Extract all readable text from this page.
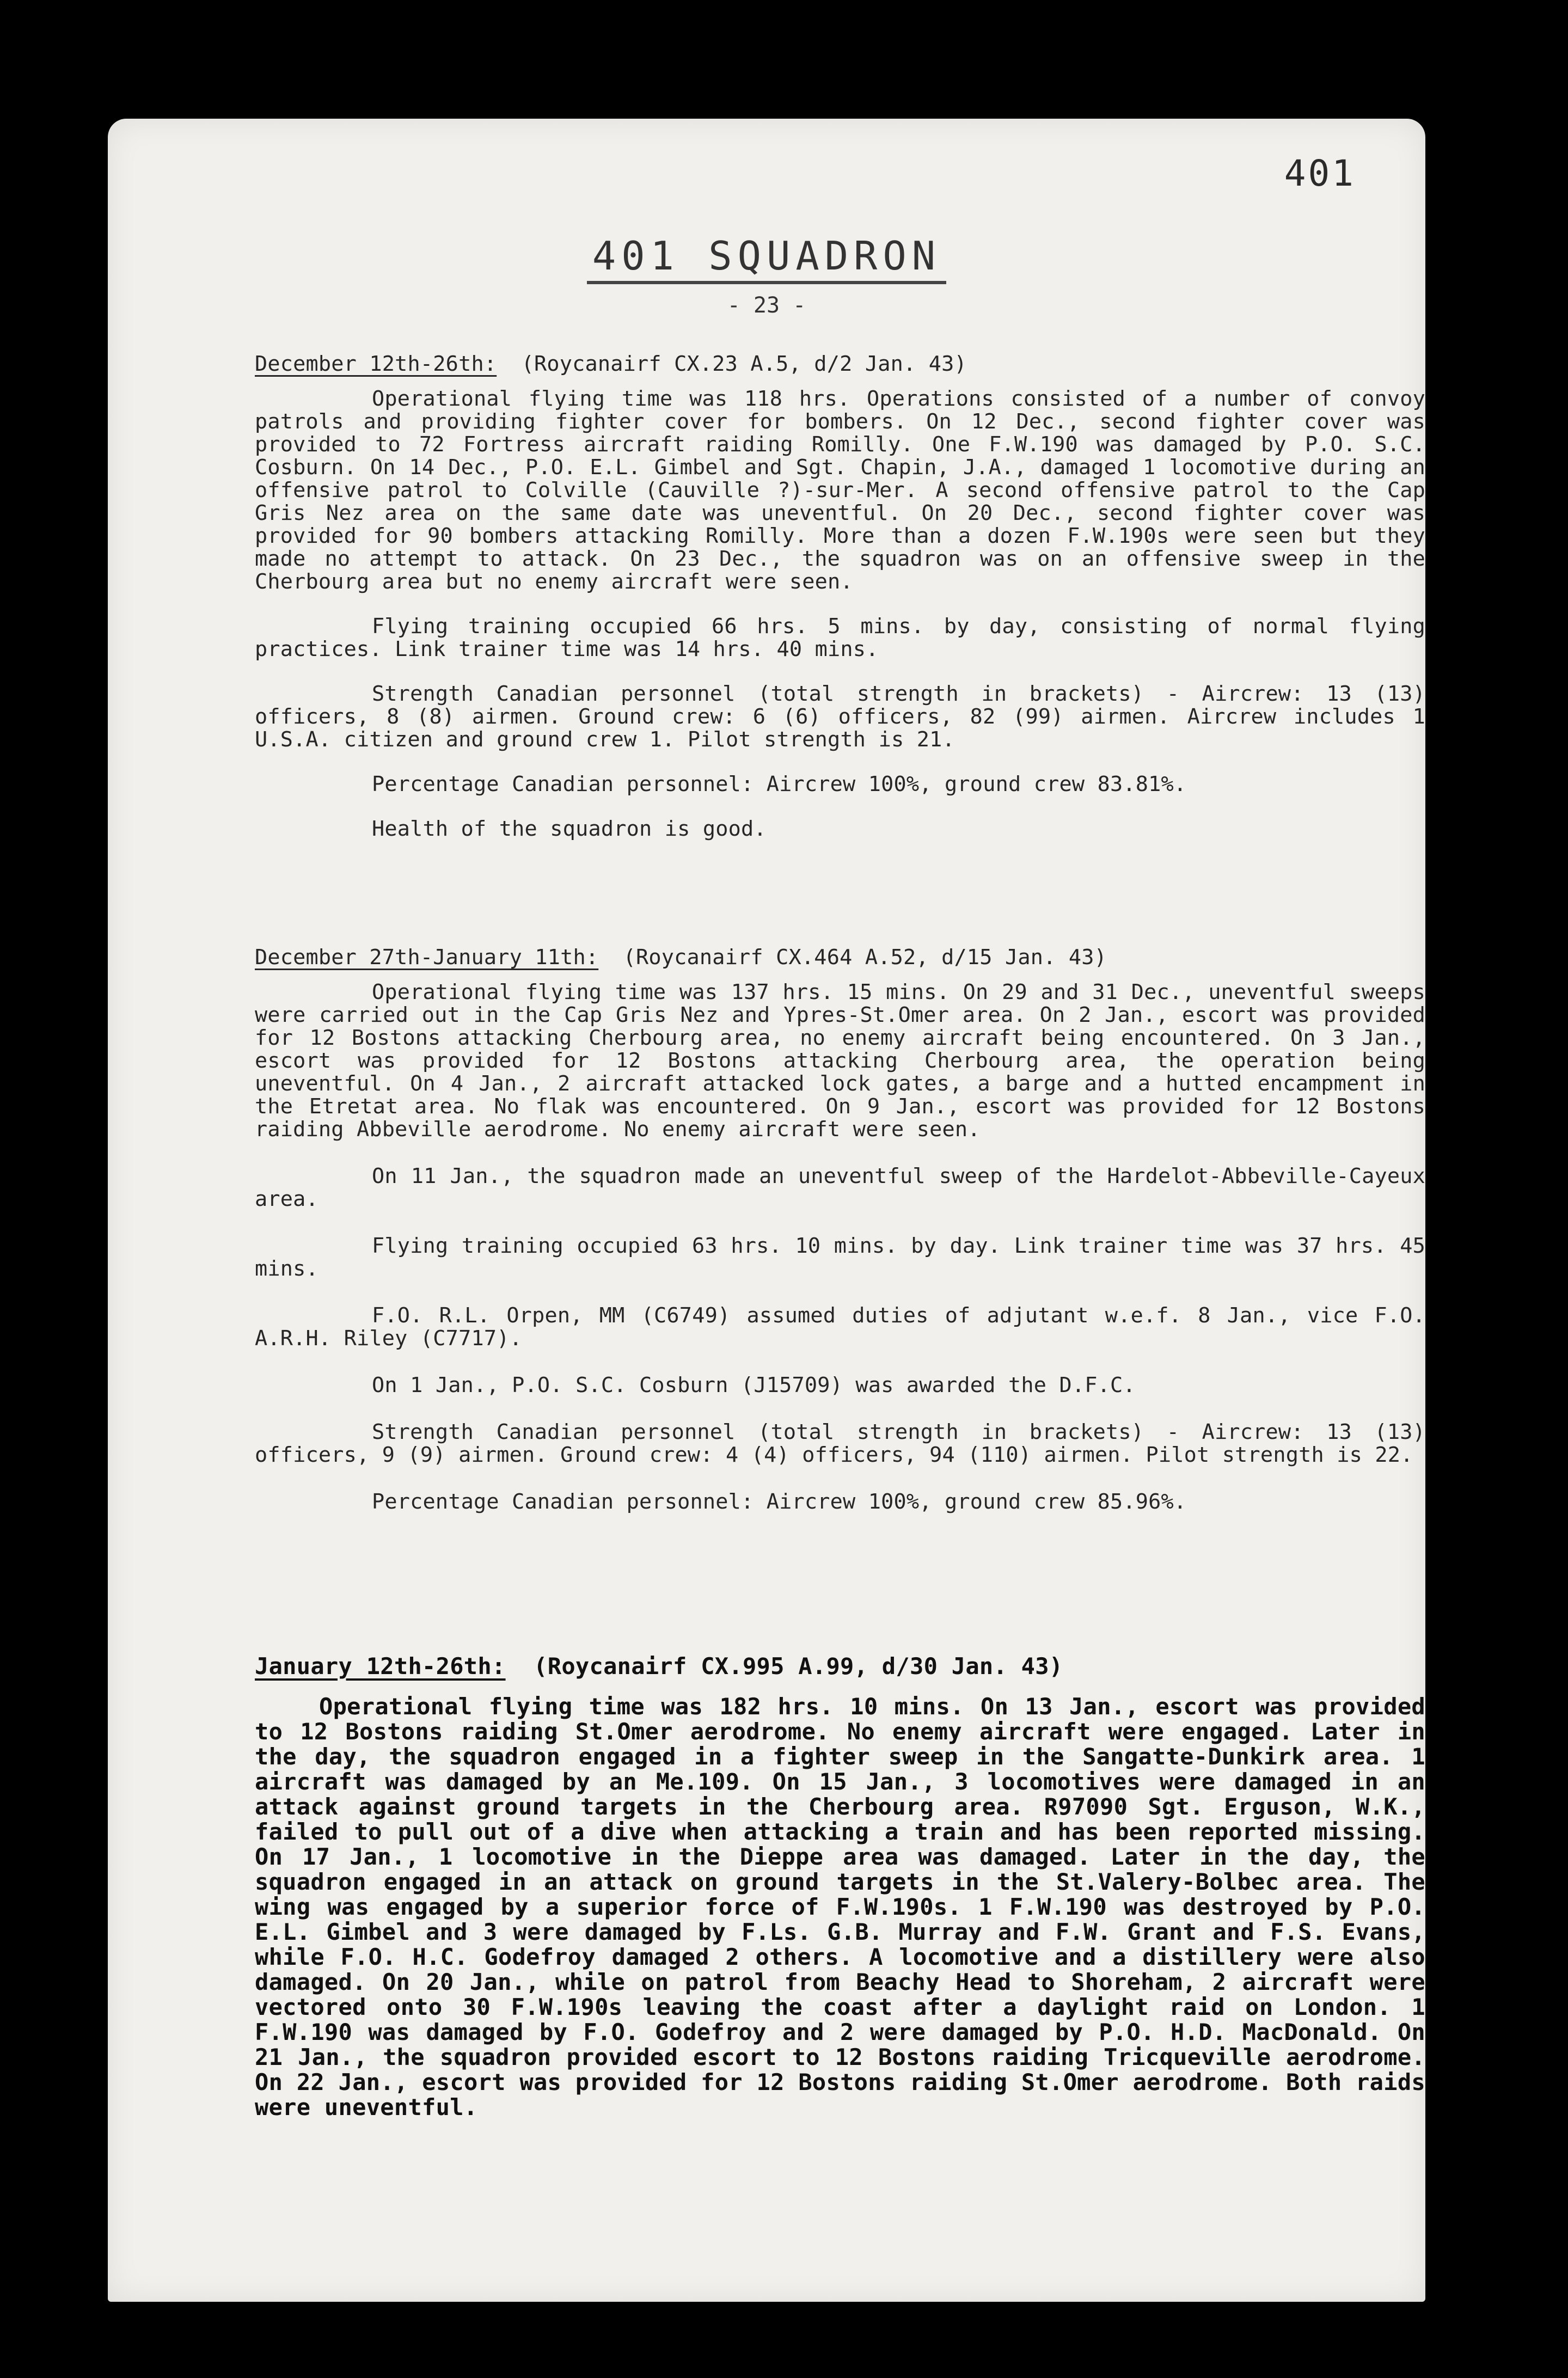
401
401 SQUADRON
- 23 -
December 12th-26th: (Roycanairf CX.23 A.5, d/2 Jan. 43)

Operational flying time was 118 hrs. Operations consisted of a number of convoy patrols and providing fighter cover for bombers. On 12 Dec., second fighter cover was provided to 72 Fortress aircraft raiding Romilly. One F.W.190 was damaged by P.O. S.C. Cosburn. On 14 Dec., P.O. E.L. Gimbel and Sgt. Chapin, J.A., damaged 1 locomotive during an offensive patrol to Colville (Cauville ?)-sur-Mer. A second offensive patrol to the Cap Gris Nez area on the same date was uneventful. On 20 Dec., second fighter cover was provided for 90 bombers attacking Romilly. More than a dozen F.W.190s were seen but they made no attempt to attack. On 23 Dec., the squadron was on an offensive sweep in the Cherbourg area but no enemy aircraft were seen.

Flying training occupied 66 hrs. 5 mins. by day, consisting of normal flying practices. Link trainer time was 14 hrs. 40 mins.

Strength Canadian personnel (total strength in brackets) - Aircrew: 13 (13) officers, 8 (8) airmen. Ground crew: 6 (6) officers, 82 (99) airmen. Aircrew includes 1 U.S.A. citizen and ground crew 1. Pilot strength is 21.

Percentage Canadian personnel: Aircrew 100%, ground crew 83.81%.

Health of the squadron is good.

December 27th-January 11th: (Roycanairf CX.464 A.52, d/15 Jan. 43)

Operational flying time was 137 hrs. 15 mins. On 29 and 31 Dec., uneventful sweeps were carried out in the Cap Gris Nez and Ypres-St.Omer area. On 2 Jan., escort was provided for 12 Bostons attacking Cherbourg area, no enemy aircraft being encountered. On 3 Jan., escort was provided for 12 Bostons attacking Cherbourg area, the operation being uneventful. On 4 Jan., 2 aircraft attacked lock gates, a barge and a hutted encampment in the Etretat area. No flak was encountered. On 9 Jan., escort was provided for 12 Bostons raiding Abbeville aerodrome. No enemy aircraft were seen.

On 11 Jan., the squadron made an uneventful sweep of the Hardelot-Abbeville-Cayeux area.

Flying training occupied 63 hrs. 10 mins. by day. Link trainer time was 37 hrs. 45 mins.

F.O. R.L. Orpen, MM (C6749) assumed duties of adjutant w.e.f. 8 Jan., vice F.O. A.R.H. Riley (C7717).

On 1 Jan., P.O. S.C. Cosburn (J15709) was awarded the D.F.C.

Strength Canadian personnel (total strength in brackets) - Aircrew: 13 (13) officers, 9 (9) airmen. Ground crew: 4 (4) officers, 94 (110) airmen. Pilot strength is 22.

Percentage Canadian personnel: Aircrew 100%, ground crew 85.96%.

January 12th-26th: (Roycanairf CX.995 A.99, d/30 Jan. 43)

Operational flying time was 182 hrs. 10 mins. On 13 Jan., escort was provided to 12 Bostons raiding St.Omer aerodrome. No enemy aircraft were engaged. Later in the day, the squadron engaged in a fighter sweep in the Sangatte-Dunkirk area. 1 aircraft was damaged by an Me.109. On 15 Jan., 3 locomotives were damaged in an attack against ground targets in the Cherbourg area. R97090 Sgt. Erguson, W.K., failed to pull out of a dive when attacking a train and has been reported missing. On 17 Jan., 1 locomotive in the Dieppe area was damaged. Later in the day, the squadron engaged in an attack on ground targets in the St.Valery-Bolbec area. The wing was engaged by a superior force of F.W.190s. 1 F.W.190 was destroyed by P.O. E.L. Gimbel and 3 were damaged by F.Ls. G.B. Murray and F.W. Grant and F.S. Evans, while F.O. H.C. Godefroy damaged 2 others. A locomotive and a distillery were also damaged. On 20 Jan., while on patrol from Beachy Head to Shoreham, 2 aircraft were vectored onto 30 F.W.190s leaving the coast after a daylight raid on London. 1 F.W.190 was damaged by F.O. Godefroy and 2 were damaged by P.O. H.D. MacDonald. On 21 Jan., the squadron provided escort to 12 Bostons raiding Tricqueville aerodrome. On 22 Jan., escort was provided for 12 Bostons raiding St.Omer aerodrome. Both raids were uneventful.
